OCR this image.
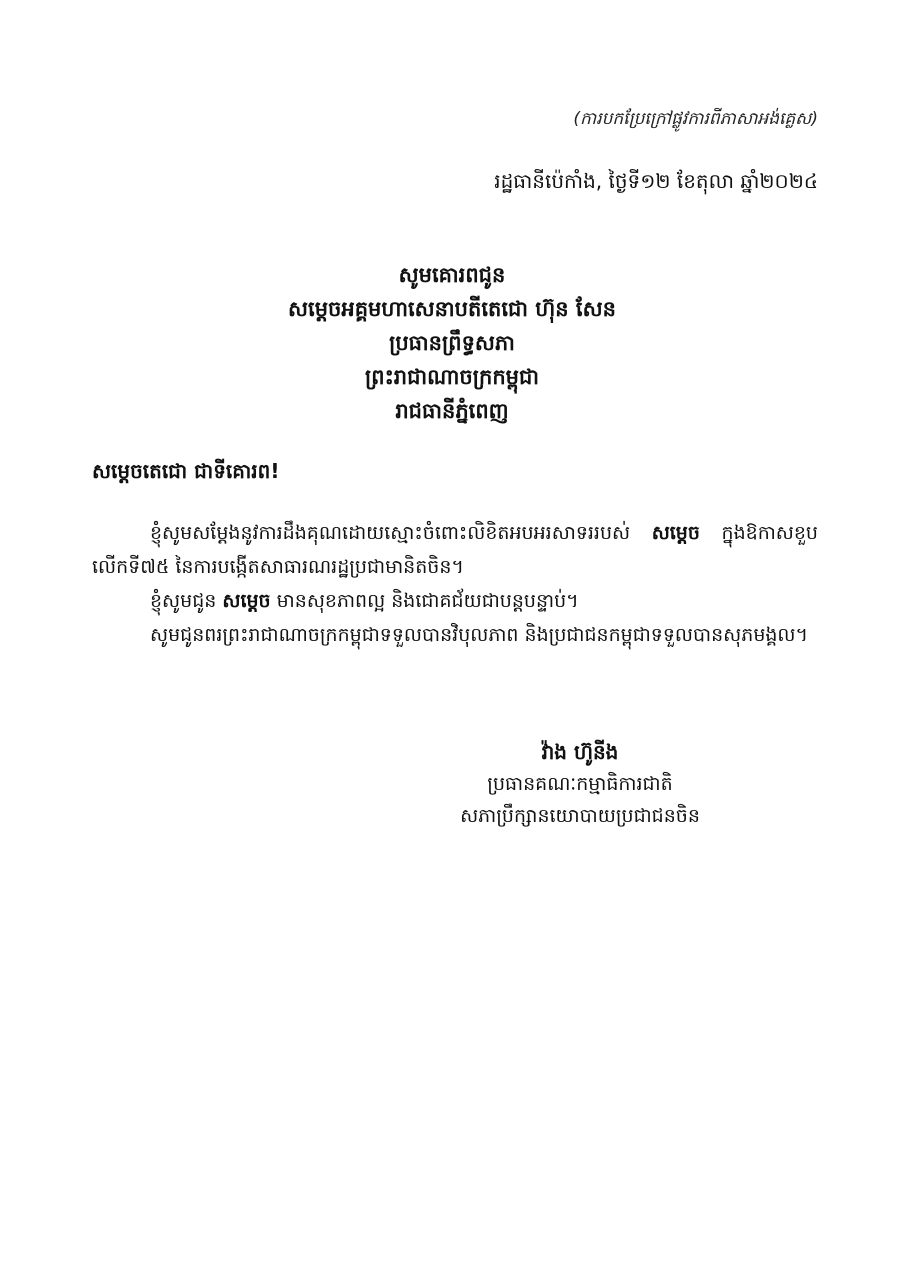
(ការបកប្រែក្រៅផ្លូវការពីភាសាអង់គ្លេស)
រដ្ឋធានីប៉េកាំង, ថ្ងៃទី១២ ខែតុលា ឆ្នាំ២០២៤
សូមគោរពជូន
សម្តេចអគ្គមហាសេនាបតីតេជោ ហ៊ុន សែន
ប្រធានព្រឹទ្ធសភា
ព្រះរាជាណាចក្រកម្ពុជា
រាជធានីភ្នំពេញ
សម្តេចតេជោ ជាទីគោរព!
ខ្ញុំសូមសម្តែងនូវការដឹងគុណដោយស្មោះចំពោះលិខិតអបអរសាទររបស់ សម្តេច ក្នុងឱកាសខួបលើកទី៧៥ នៃការបង្កើតសាធារណរដ្ឋប្រជាមានិតចិន។
ខ្ញុំសូមជូន សម្តេច មានសុខភាពល្អ និងជោគជ័យជាបន្តបន្ទាប់។
សូមជូនពរព្រះរាជាណាចក្រកម្ពុជាទទួលបានវិបុលភាព និងប្រជាជនកម្ពុជាទទួលបានសុភមង្គល។
វ៉ាង ហ៊ូនីង
ប្រធានគណៈកម្មាធិការជាតិ
សភាប្រឹក្សានយោបាយប្រជាជនចិន
